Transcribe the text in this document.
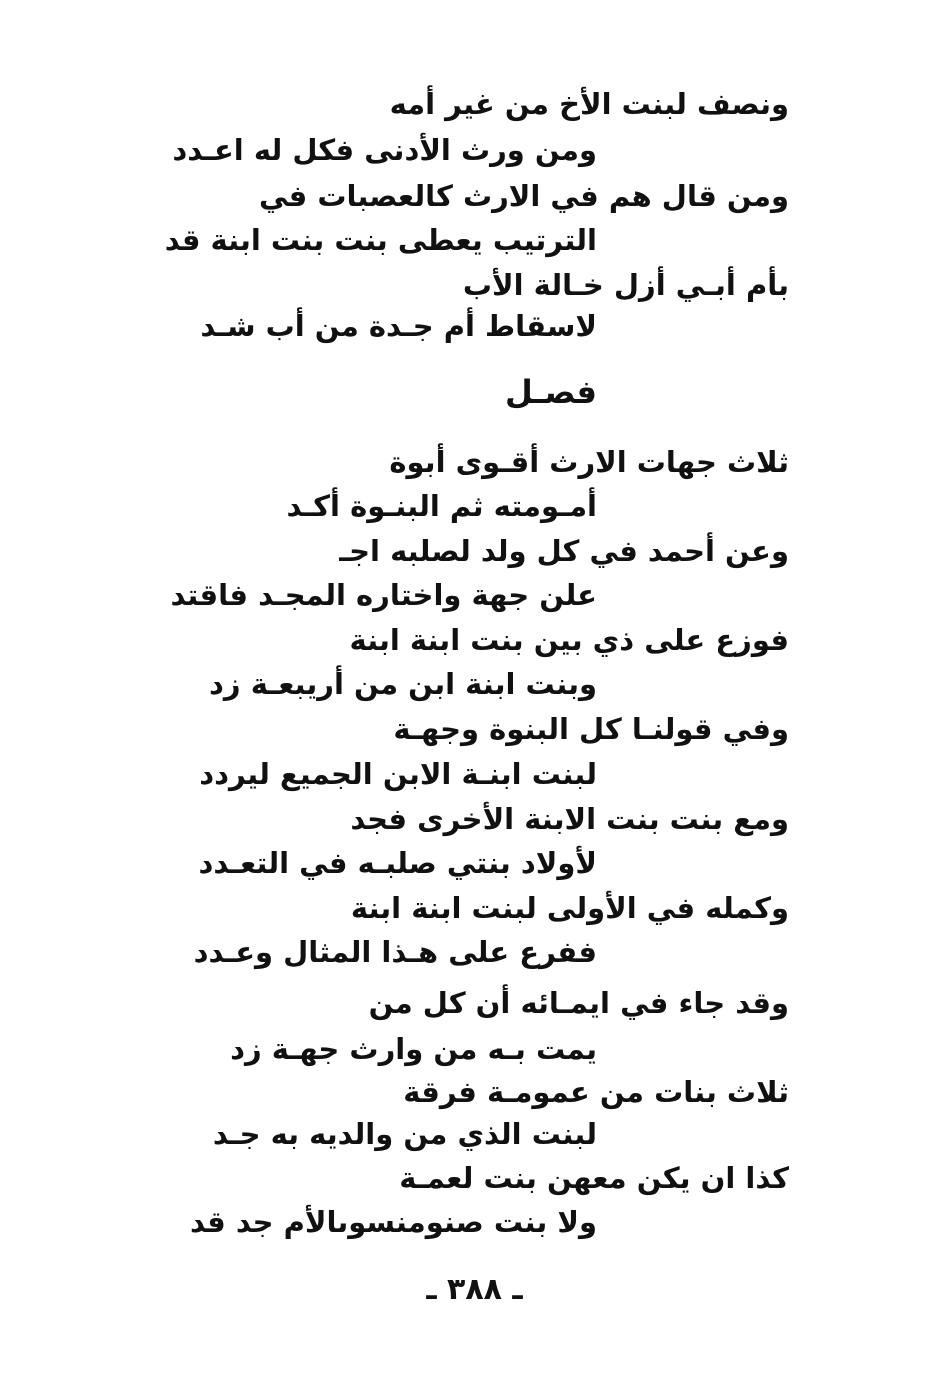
ونصف لبنت الأخ من غير أمه
ومن ورث الأدنى فكل له اعـدد
ومن قال هم في الارث كالعصبات في
الترتيب يعطى بنت بنت ابنة قد
بأم أبـي أزل خـالة الأب
لاسقاط أم جـدة من أب شـد
فصـل
ثلاث جهات الارث أقـوى أبوة
أمـومته ثم البنـوة أكـد
وعن أحمد في كل ولد لصلبه اجـ
علن جهة واختاره المجـد فاقتد
فوزع على ذي بين بنت ابنة ابنة
وبنت ابنة ابن من أريبعـة زد
وفي قولنـا كل البنوة وجهـة
لبنت ابنـة الابن الجميع ليردد
ومع بنت بنت الابنة الأخرى فجد
لأولاد بنتي صلبـه في التعـدد
وكمله في الأولى لبنت ابنة ابنة
ففرع على هـذا المثال وعـدد
وقد جاء في ايمـائه أن كل من
يمت بـه من وارث جهـة زد
ثلاث بنات من عمومـة فرقة
لبنت الذي من والديه به جـد
كذا ان يكن معهن بنت لعمـة
ولا بنت صنومنسوىالأم جد قد
ـ ٣٨٨ ـ
